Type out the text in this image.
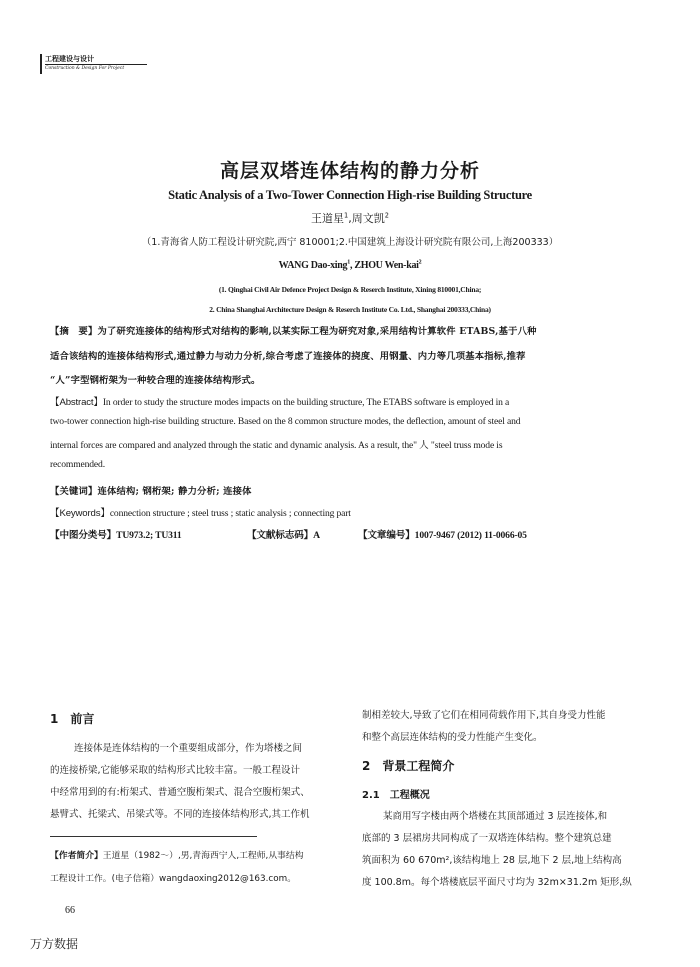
工程建设与设计
Construction & Design For Project
高层双塔连体结构的静力分析
Static Analysis of a Two-Tower Connection High-rise Building Structure
王道星$^1$,周文凯$^2$
（1.青海省人防工程设计研究院,西宁 810001;2.中国建筑上海设计研究院有限公司,上海200333）
WANG Dao-xing$^1$, ZHOU Wen-kai$^2$
(1. Qinghai Civil Air Defence Project Design & Reserch Institute, Xining 810001,China;
2. China Shanghai Architecture Design & Reserch Institute Co. Ltd., Shanghai 200333,China)
【摘　要】为了研究连接体的结构形式对结构的影响,以某实际工程为研究对象,采用结构计算软件 ETABS,基于八种
适合该结构的连接体结构形式,通过静力与动力分析,综合考虑了连接体的挠度、用钢量、内力等几项基本指标,推荐
“人”字型钢桁架为一种较合理的连接体结构形式。
【Abstract】In order to study the structure modes impacts on the building structure, The ETABS software is employed in a
two-tower connection high-rise building structure. Based on the 8 common structure modes, the deflection, amount of steel and
internal forces are compared and analyzed through the static and dynamic analysis. As a result, the" 人 "steel truss mode is
recommended.
【关键词】连体结构; 钢桁架; 静力分析; 连接体
【Keywords】connection structure ; steel truss ; static analysis ; connecting part
【中图分类号】TU973.2; TU311	【文献标志码】A	【文章编号】1007-9467 (2012) 11-0066-05
1　前言
连接体是连体结构的一个重要组成部分，作为塔楼之间
的连接桥梁,它能够采取的结构形式比较丰富。一般工程设计
中经常用到的有:桁架式、普通空腹桁架式、混合空腹桁架式、
悬臂式、托梁式、吊梁式等。不同的连接体结构形式,其工作机
【作者简介】王道星（1982～）,男,青海西宁人,工程师,从事结构
工程设计工作。(电子信箱）wangdaoxing2012@163.com。
制相差较大,导致了它们在相同荷载作用下,其自身受力性能
和整个高层连体结构的受力性能产生变化。
2　背景工程简介
2.1　工程概况
某商用写字楼由两个塔楼在其顶部通过 3 层连接体,和
底部的 3 层裙房共同构成了一双塔连体结构。整个建筑总建
筑面积为 60 670m²,该结构地上 28 层,地下 2 层,地上结构高
度 100.8m。每个塔楼底层平面尺寸均为 32m×31.2m 矩形,纵
66
万方数据
